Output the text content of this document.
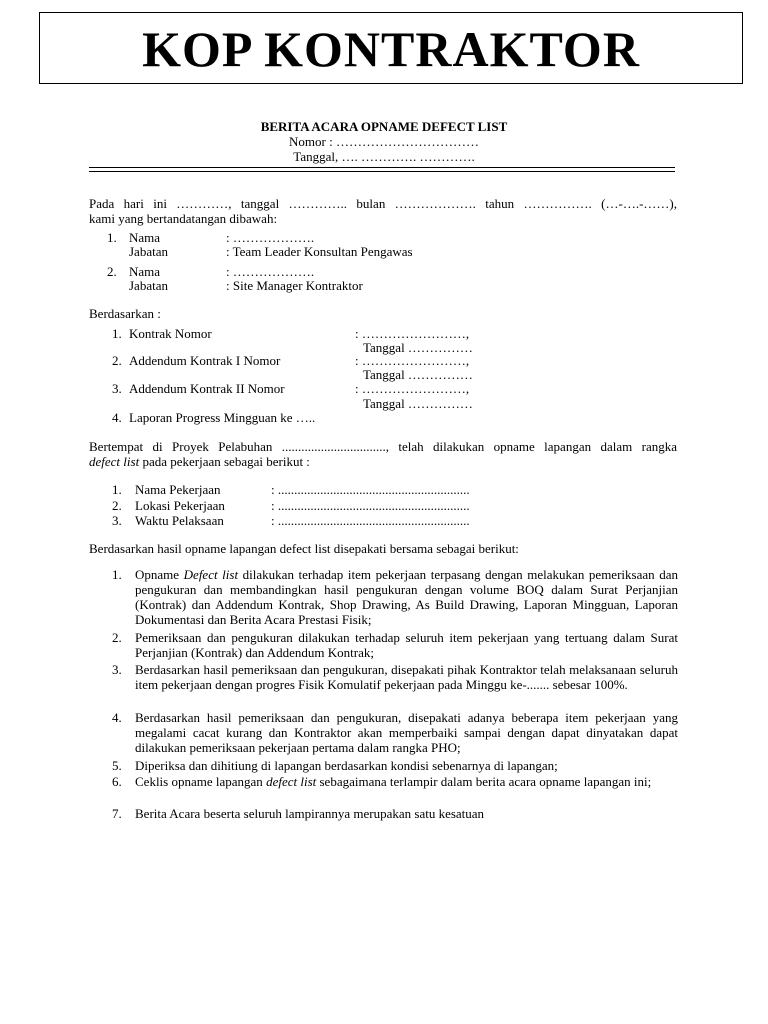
KOP KONTRAKTOR
BERITA ACARA OPNAME DEFECT LIST
Nomor : ……………………………
Tanggal, …. …………. ………….
Pada hari ini …………, tanggal ………….. bulan ………………. tahun ……………. (…-….-……),
kami yang bertandatangan dibawah:
1. Nama	: ……………….
Jabatan	: Team Leader Konsultan Pengawas
2. Nama	: ……………….
Jabatan	: Site Manager Kontraktor
Berdasarkan :
1. Kontrak Nomor	: ……………………,
Tanggal ……………
2. Addendum Kontrak I Nomor	: ……………………,
Tanggal ……………
3. Addendum Kontrak II Nomor	: ……………………,
Tanggal ……………
4. Laporan Progress Mingguan ke …..
Bertempat di Proyek Pelabuhan ................................, telah dilakukan opname lapangan dalam rangka
defect list pada pekerjaan sebagai berikut :
1. Nama Pekerjaan	: ...........................................................
2. Lokasi Pekerjaan	: ...........................................................
3. Waktu Pelaksaan	: ...........................................................
Berdasarkan hasil opname lapangan defect list disepakati bersama sebagai berikut:
1. Opname Defect list dilakukan terhadap item pekerjaan terpasang dengan melakukan pemeriksaan dan pengukuran dan membandingkan hasil pengukuran dengan volume BOQ dalam Surat Perjanjian (Kontrak) dan Addendum Kontrak, Shop Drawing, As Build Drawing, Laporan Mingguan, Laporan Dokumentasi dan Berita Acara Prestasi Fisik;
2. Pemeriksaan dan pengukuran dilakukan terhadap seluruh item pekerjaan yang tertuang dalam Surat Perjanjian (Kontrak) dan Addendum Kontrak;
3. Berdasarkan hasil pemeriksaan dan pengukuran, disepakati pihak Kontraktor telah melaksanaan seluruh item pekerjaan dengan progres Fisik Komulatif pekerjaan pada Minggu ke-....... sebesar 100%.
4. Berdasarkan hasil pemeriksaan dan pengukuran, disepakati adanya beberapa item pekerjaan yang megalami cacat kurang dan Kontraktor akan memperbaiki sampai dengan dapat dinyatakan dapat dilakukan pemeriksaan pekerjaan pertama dalam rangka PHO;
5. Diperiksa dan dihitiung di lapangan berdasarkan kondisi sebenarnya di lapangan;
6. Ceklis opname lapangan defect list sebagaimana terlampir dalam berita acara opname lapangan ini;
7. Berita Acara beserta seluruh lampirannya merupakan satu kesatuan
